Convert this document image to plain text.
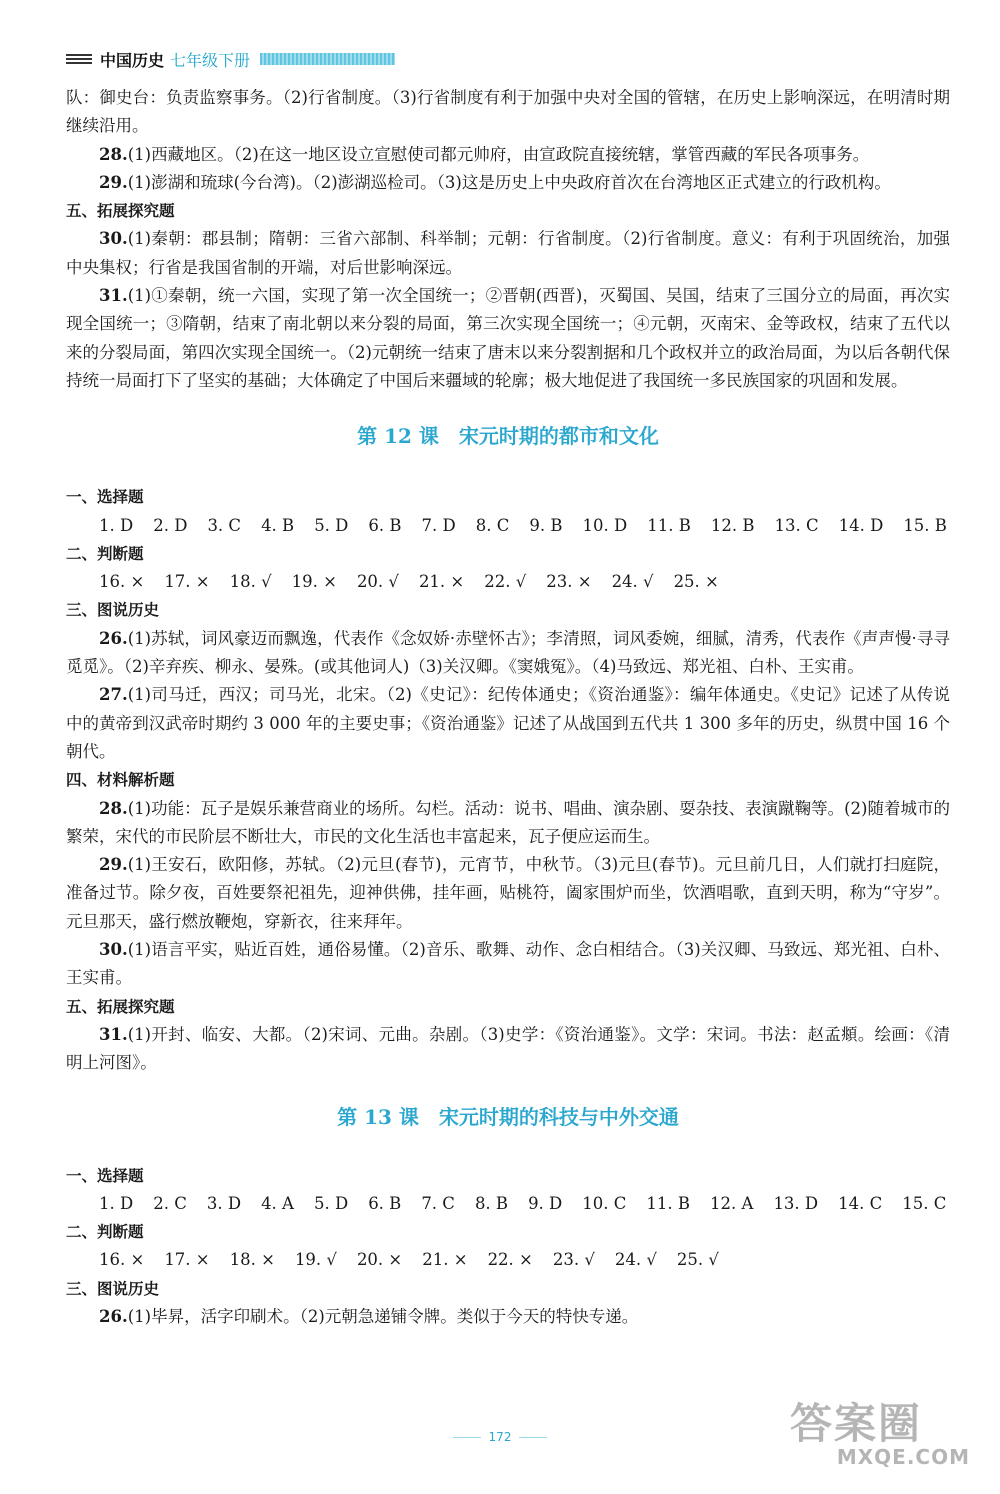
中国历史 七年级下册

队：御史台：负责监察事务。（2)行省制度。（3)行省制度有利于加强中央对全国的管辖，在历史上影响深远，在明清时期继续沿用。

28.(1)西藏地区。（2)在这一地区设立宣慰使司都元帅府，由宣政院直接统辖，掌管西藏的军民各项事务。

29.(1)澎湖和琉球(今台湾)。（2)澎湖巡检司。（3)这是历史上中央政府首次在台湾地区正式建立的行政机构。

五、拓展探究题

30.(1)秦朝：郡县制；隋朝：三省六部制、科举制；元朝：行省制度。（2)行省制度。意义：有利于巩固统治，加强中央集权；行省是我国省制的开端，对后世影响深远。

31.(1)①秦朝，统一六国，实现了第一次全国统一；②晋朝(西晋)，灭蜀国、吴国，结束了三国分立的局面，再次实现全国统一；③隋朝，结束了南北朝以来分裂的局面，第三次实现全国统一；④元朝，灭南宋、金等政权，结束了五代以来的分裂局面，第四次实现全国统一。（2)元朝统一结束了唐末以来分裂割据和几个政权并立的政治局面，为以后各朝代保持统一局面打下了坚实的基础；大体确定了中国后来疆域的轮廓；极大地促进了我国统一多民族国家的巩固和发展。

第 12 课　宋元时期的都市和文化

一、选择题

1. D 2. D 3. C 4. B 5. D 6. B 7. D 8. C 9. B 10. D 11. B 12. B 13. C 14. D 15. B

二、判断题

16. × 17. × 18. √ 19. × 20. √ 21. × 22. √ 23. × 24. √ 25. ×

三、图说历史

26.(1)苏轼，词风豪迈而飘逸，代表作《念奴娇·赤壁怀古》；李清照，词风委婉，细腻，清秀，代表作《声声慢·寻寻觅觅》。（2)辛弃疾、柳永、晏殊。(或其他词人)（3)关汉卿。《窦娥冤》。（4)马致远、郑光祖、白朴、王实甫。

27.(1)司马迁，西汉；司马光，北宋。（2)《史记》：纪传体通史；《资治通鉴》：编年体通史。《史记》记述了从传说中的黄帝到汉武帝时期约 3 000 年的主要史事；《资治通鉴》记述了从战国到五代共 1 300 多年的历史，纵贯中国 16 个朝代。

四、材料解析题

28.(1)功能：瓦子是娱乐兼营商业的场所。勾栏。活动：说书、唱曲、演杂剧、耍杂技、表演蹴鞠等。(2)随着城市的繁荣，宋代的市民阶层不断壮大，市民的文化生活也丰富起来，瓦子便应运而生。

29.(1)王安石，欧阳修，苏轼。（2)元旦(春节)，元宵节，中秋节。（3)元旦(春节)。元旦前几日，人们就打扫庭院，准备过节。除夕夜，百姓要祭祀祖先，迎神供佛，挂年画，贴桃符，阖家围炉而坐，饮酒唱歌，直到天明，称为“守岁”。元旦那天，盛行燃放鞭炮，穿新衣，往来拜年。

30.(1)语言平实，贴近百姓，通俗易懂。（2)音乐、歌舞、动作、念白相结合。（3)关汉卿、马致远、郑光祖、白朴、王实甫。

五、拓展探究题

31.(1)开封、临安、大都。（2)宋词、元曲。杂剧。（3)史学：《资治通鉴》。文学：宋词。书法：赵孟頫。绘画：《清明上河图》。

第 13 课　宋元时期的科技与中外交通

一、选择题

1. D 2. C 3. D 4. A 5. D 6. B 7. C 8. B 9. D 10. C 11. B 12. A 13. D 14. C 15. C

二、判断题

16. × 17. × 18. × 19. √ 20. × 21. × 22. × 23. √ 24. √ 25. √

三、图说历史

26.(1)毕昇，活字印刷术。（2)元朝急递铺令牌。类似于今天的特快专递。

172	答案圈
MXQE.COM
